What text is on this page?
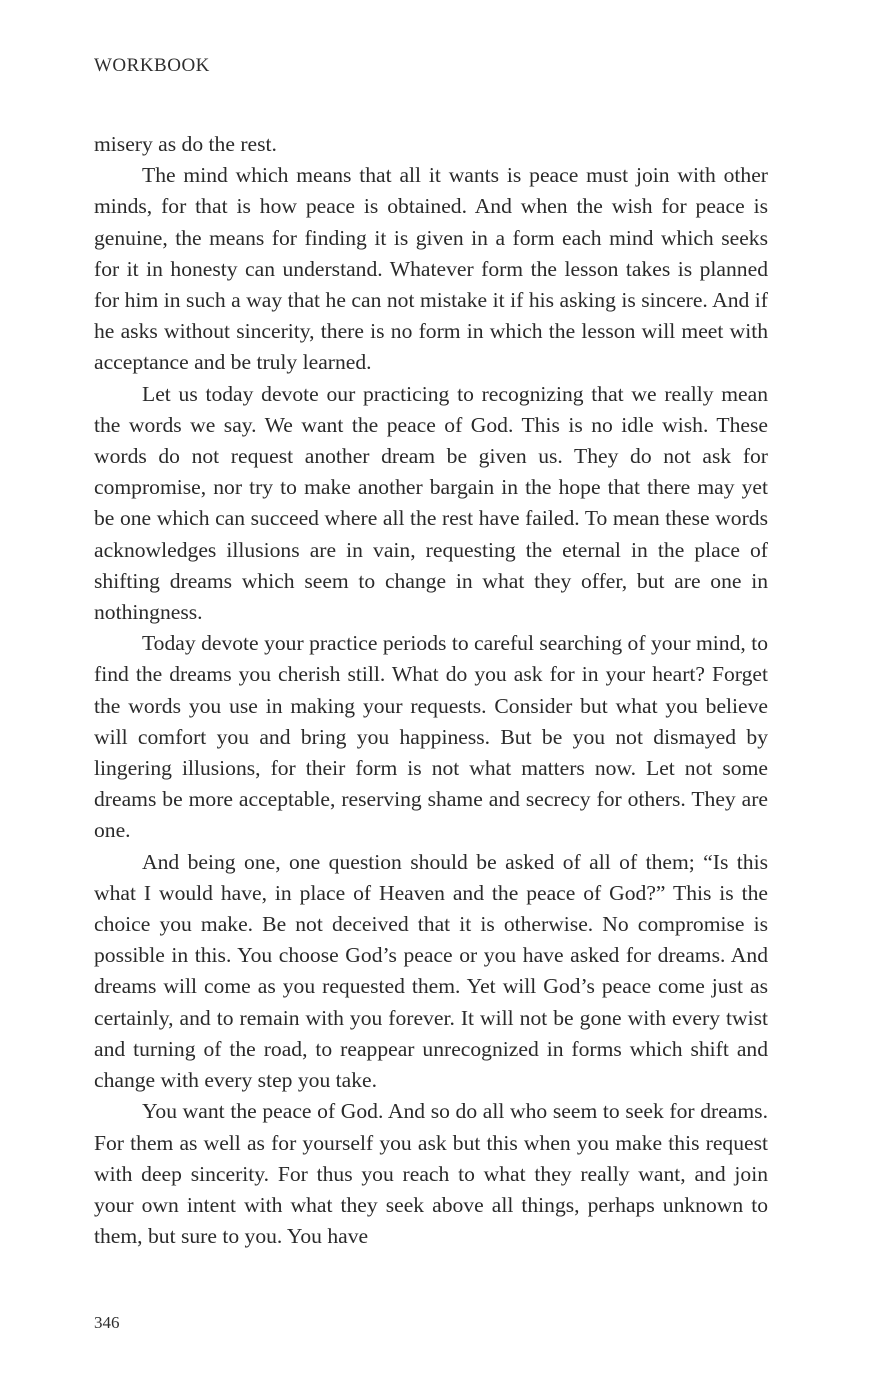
WORKBOOK

misery as do the rest.

The mind which means that all it wants is peace must join with other minds, for that is how peace is obtained. And when the wish for peace is genuine, the means for finding it is given in a form each mind which seeks for it in honesty can understand. Whatever form the lesson takes is planned for him in such a way that he can not mistake it if his asking is sincere. And if he asks without sincerity, there is no form in which the lesson will meet with acceptance and be truly learned.

Let us today devote our practicing to recognizing that we really mean the words we say. We want the peace of God. This is no idle wish. These words do not request another dream be given us. They do not ask for compromise, nor try to make another bargain in the hope that there may yet be one which can succeed where all the rest have failed. To mean these words acknowledges illusions are in vain, requesting the eternal in the place of shifting dreams which seem to change in what they offer, but are one in nothingness.

Today devote your practice periods to careful searching of your mind, to find the dreams you cherish still. What do you ask for in your heart? Forget the words you use in making your requests. Consider but what you believe will comfort you and bring you happiness. But be you not dismayed by lingering illusions, for their form is not what matters now. Let not some dreams be more acceptable, reserving shame and secrecy for others. They are one.

And being one, one question should be asked of all of them; “Is this what I would have, in place of Heaven and the peace of God?” This is the choice you make. Be not deceived that it is otherwise. No compromise is possible in this. You choose God’s peace or you have asked for dreams. And dreams will come as you requested them. Yet will God’s peace come just as certainly, and to remain with you forever. It will not be gone with every twist and turning of the road, to reappear unrecognized in forms which shift and change with every step you take.

You want the peace of God. And so do all who seem to seek for dreams. For them as well as for yourself you ask but this when you make this request with deep sincerity. For thus you reach to what they really want, and join your own intent with what they seek above all things, perhaps unknown to them, but sure to you. You have

346
